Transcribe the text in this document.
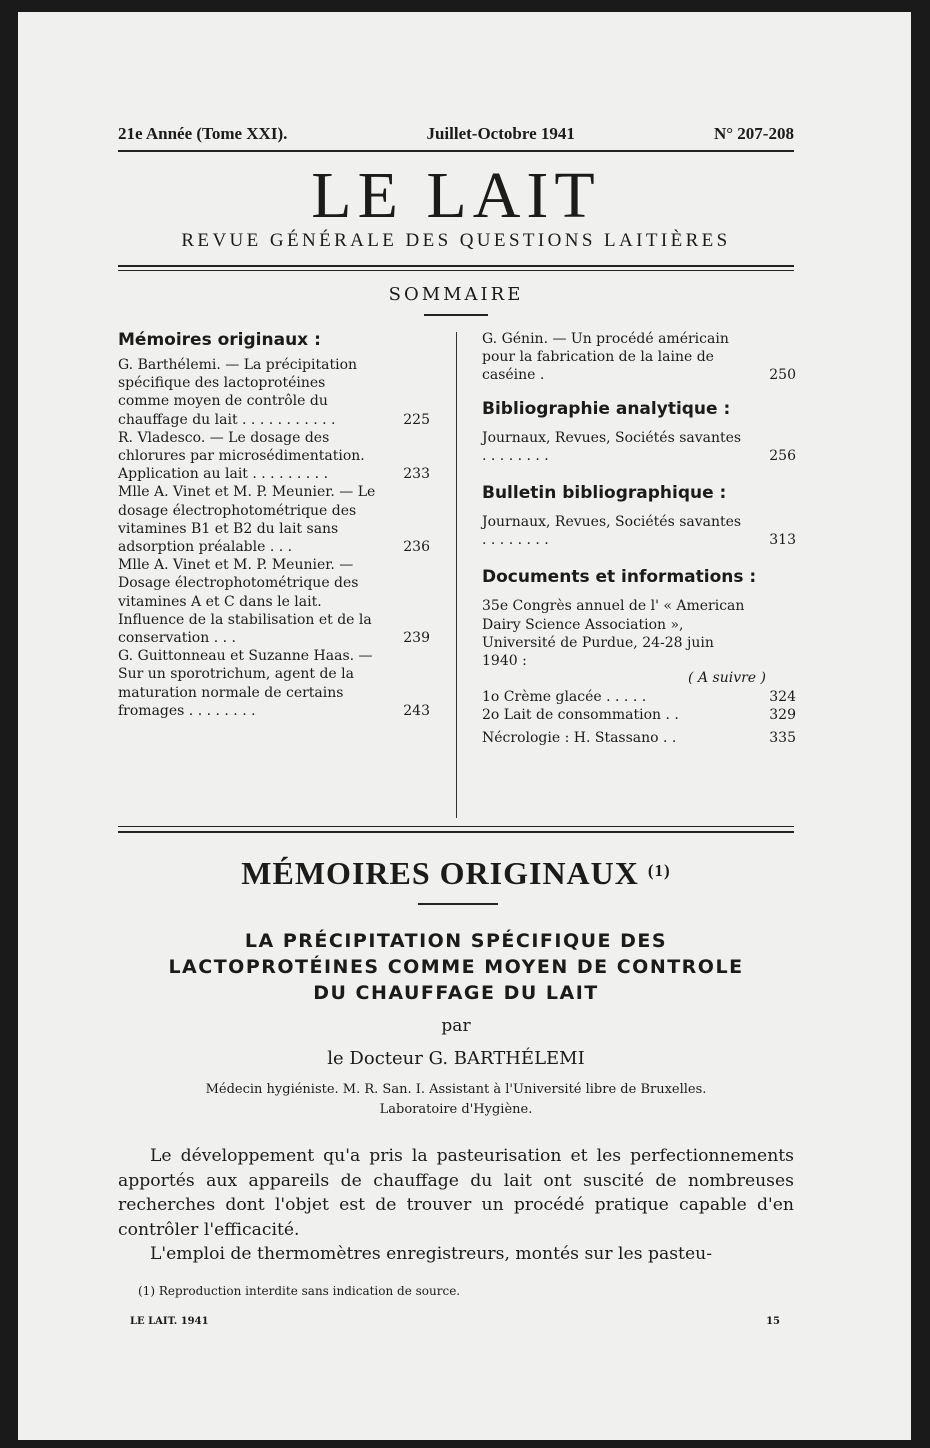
21e Année (Tome XXI).	Juillet-Octobre 1941	N° 207-208
LE LAIT
REVUE GÉNÉRALE DES QUESTIONS LAITIÈRES
SOMMAIRE
Mémoires originaux :
G. Barthélemi. — La précipitation spécifique des lactoprotéines comme moyen de contrôle du chauffage du lait . . . . . . . . . . .	225
R. Vladesco. — Le dosage des chlorures par microsédimentation. Application au lait . . . . . . . . .	233
Mlle A. Vinet et M. P. Meunier. — Le dosage électrophotométrique des vitamines B1 et B2 du lait sans adsorption préalable . . .	236
Mlle A. Vinet et M. P. Meunier. — Dosage électrophotométrique des vitamines A et C dans le lait. Influence de la stabilisation et de la conservation . . .	239
G. Guittonneau et Suzanne Haas. — Sur un sporotrichum, agent de la maturation normale de certains fromages . . . . . . . .	243
G. Génin. — Un procédé américain pour la fabrication de la laine de caséine .	250
Bibliographie analytique :
Journaux, Revues, Sociétés savantes . . . . . . . .	256
Bulletin bibliographique :
Journaux, Revues, Sociétés savantes . . . . . . . .	313
Documents et informations :
35e Congrès annuel de l' « American Dairy Science Association », Université de Purdue, 24-28 juin 1940 :
( A suivre )
1o Crème glacée . . . . .	324
2o Lait de consommation . .	329
Nécrologie : H. Stassano . .	335
MÉMOIRES ORIGINAUX $^{(1)}$
LA PRÉCIPITATION SPÉCIFIQUE DES
LACTOPROTÉINES COMME MOYEN DE CONTROLE
DU CHAUFFAGE DU LAIT
par
le Docteur G. BARTHÉLEMI
Médecin hygiéniste. M. R. San. I. Assistant à l'Université libre de Bruxelles.
Laboratoire d'Hygiène.

Le développement qu'a pris la pasteurisation et les perfectionnements apportés aux appareils de chauffage du lait ont suscité de nombreuses recherches dont l'objet est de trouver un procédé pratique capable d'en contrôler l'efficacité.

L'emploi de thermomètres enregistreurs, montés sur les pasteu-

(1) Reproduction interdite sans indication de source.
LE LAIT. 1941	15
